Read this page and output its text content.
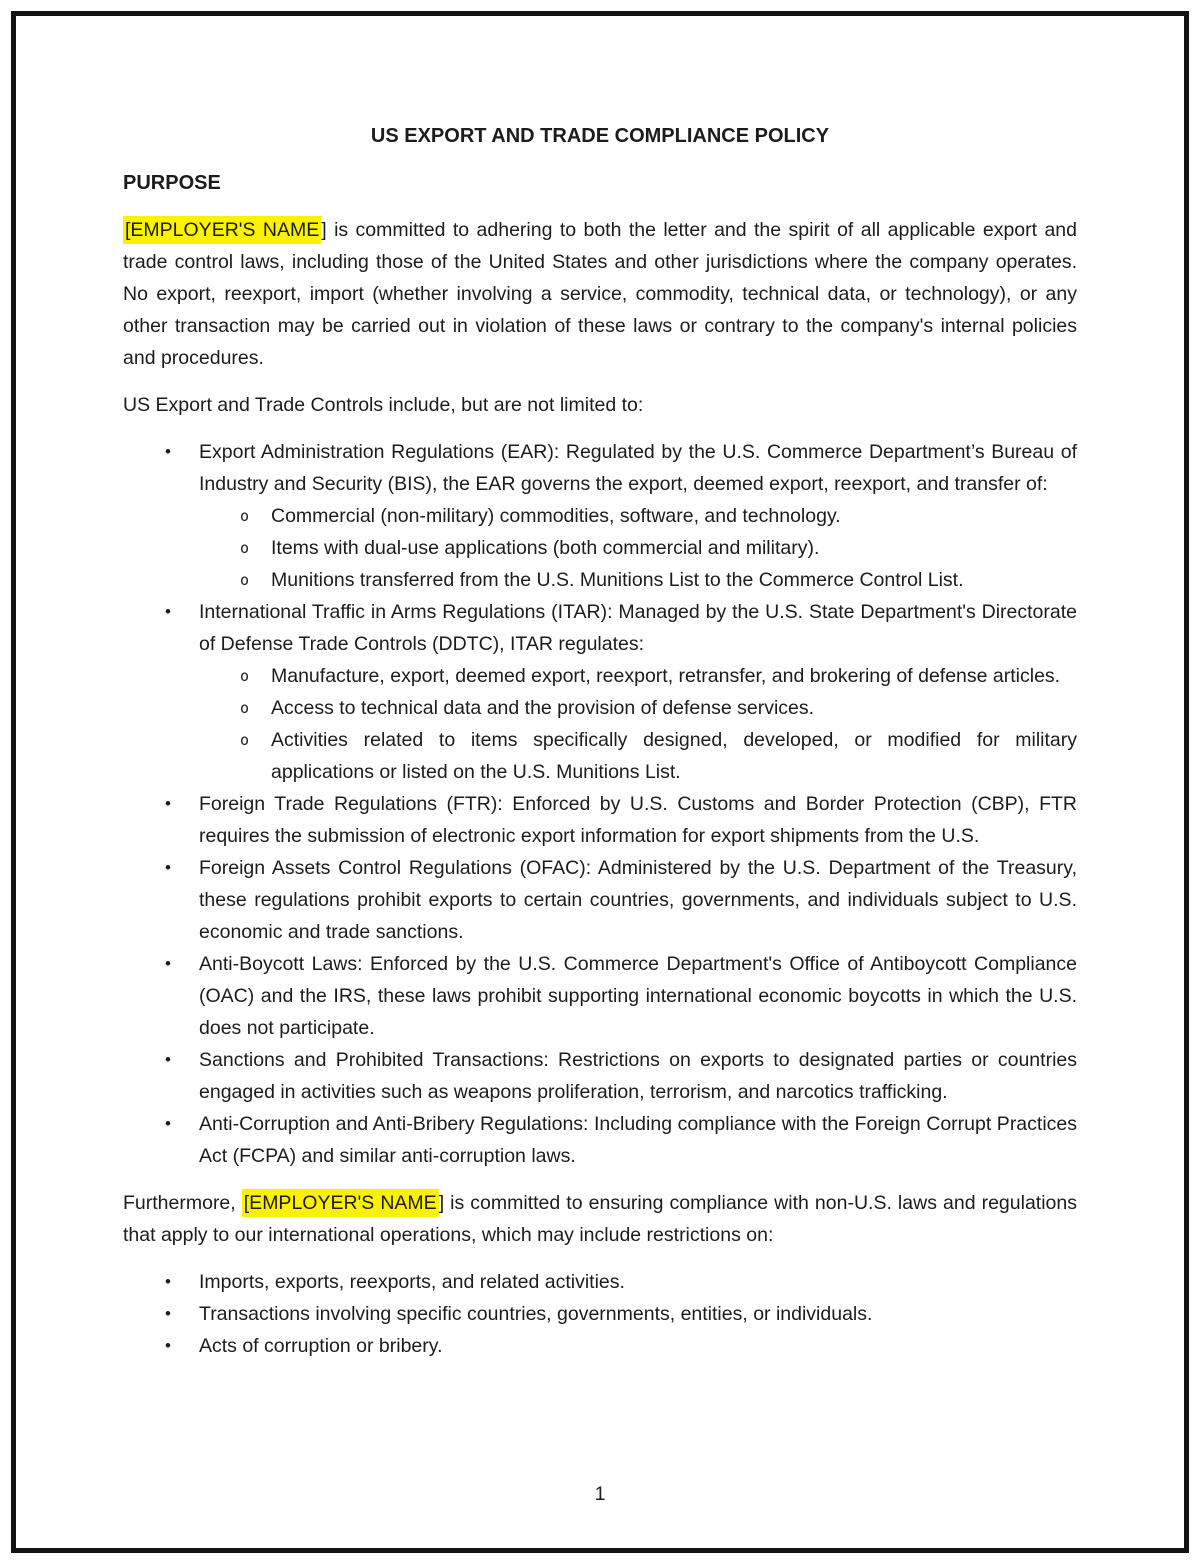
US EXPORT AND TRADE COMPLIANCE POLICY
PURPOSE

[EMPLOYER'S NAME ] is committed to adhering to both the letter and the spirit of all applicable export and trade control laws, including those of the United States and other jurisdictions where the company operates. No export, reexport, import (whether involving a service, commodity, technical data, or technology), or any other transaction may be carried out in violation of these laws or contrary to the company's internal policies and procedures.

US Export and Trade Controls include, but are not limited to:

• Export Administration Regulations (EAR): Regulated by the U.S. Commerce Department’s Bureau of Industry and Security (BIS), the EAR governs the export, deemed export, reexport, and transfer of:
o Commercial (non-military) commodities, software, and technology.
o Items with dual-use applications (both commercial and military).
o Munitions transferred from the U.S. Munitions List to the Commerce Control List.
• International Traffic in Arms Regulations (ITAR): Managed by the U.S. State Department's Directorate of Defense Trade Controls (DDTC), ITAR regulates:
o Manufacture, export, deemed export, reexport, retransfer, and brokering of defense articles.
o Access to technical data and the provision of defense services.
o Activities related to items specifically designed, developed, or modified for military applications or listed on the U.S. Munitions List.
• Foreign Trade Regulations (FTR): Enforced by U.S. Customs and Border Protection (CBP), FTR requires the submission of electronic export information for export shipments from the U.S.
• Foreign Assets Control Regulations (OFAC): Administered by the U.S. Department of the Treasury, these regulations prohibit exports to certain countries, governments, and individuals subject to U.S. economic and trade sanctions.
• Anti-Boycott Laws: Enforced by the U.S. Commerce Department's Office of Antiboycott Compliance (OAC) and the IRS, these laws prohibit supporting international economic boycotts in which the U.S. does not participate.
• Sanctions and Prohibited Transactions: Restrictions on exports to designated parties or countries engaged in activities such as weapons proliferation, terrorism, and narcotics trafficking.
• Anti-Corruption and Anti-Bribery Regulations: Including compliance with the Foreign Corrupt Practices Act (FCPA) and similar anti-corruption laws.

Furthermore, [EMPLOYER'S NAME ] is committed to ensuring compliance with non-U.S. laws and regulations that apply to our international operations, which may include restrictions on:

• Imports, exports, reexports, and related activities.
• Transactions involving specific countries, governments, entities, or individuals.
• Acts of corruption or bribery.
1
